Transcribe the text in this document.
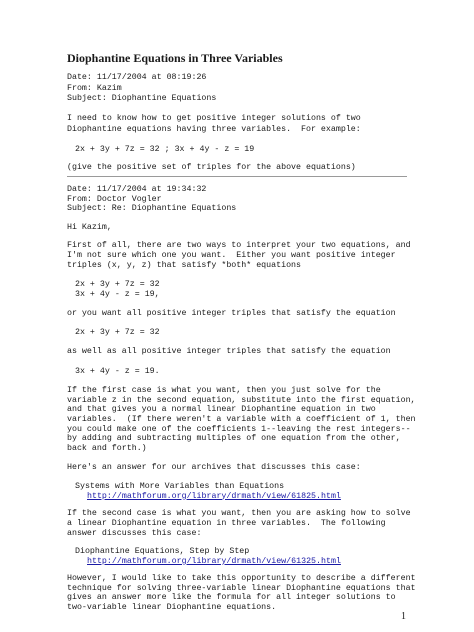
Diophantine Equations in Three Variables
Date: 11/17/2004 at 08:19:26
From: Kazim
Subject: Diophantine Equations
I need to know how to get positive integer solutions of two
Diophantine equations having three variables.  For example:
2x + 3y + 7z = 32 ; 3x + 4y - z = 19
(give the positive set of triples for the above equations)
Date: 11/17/2004 at 19:34:32
From: Doctor Vogler
Subject: Re: Diophantine Equations
Hi Kazim,
First of all, there are two ways to interpret your two equations, and
I'm not sure which one you want.  Either you want positive integer
triples (x, y, z) that satisfy *both* equations
2x + 3y + 7z = 32
3x + 4y - z = 19,
or you want all positive integer triples that satisfy the equation
2x + 3y + 7z = 32
as well as all positive integer triples that satisfy the equation
3x + 4y - z = 19.
If the first case is what you want, then you just solve for the
variable z in the second equation, substitute into the first equation,
and that gives you a normal linear Diophantine equation in two
variables.  (If there weren't a variable with a coefficient of 1, then
you could make one of the coefficients 1--leaving the rest integers--
by adding and subtracting multiples of one equation from the other,
back and forth.)
Here's an answer for our archives that discusses this case:
Systems with More Variables than Equations
http://mathforum.org/library/drmath/view/61825.html
If the second case is what you want, then you are asking how to solve
a linear Diophantine equation in three variables.  The following
answer discusses this case:
Diophantine Equations, Step by Step
http://mathforum.org/library/drmath/view/61325.html
However, I would like to take this opportunity to describe a different
technique for solving three-variable linear Diophantine equations that
gives an answer more like the formula for all integer solutions to
two-variable linear Diophantine equations.
1
